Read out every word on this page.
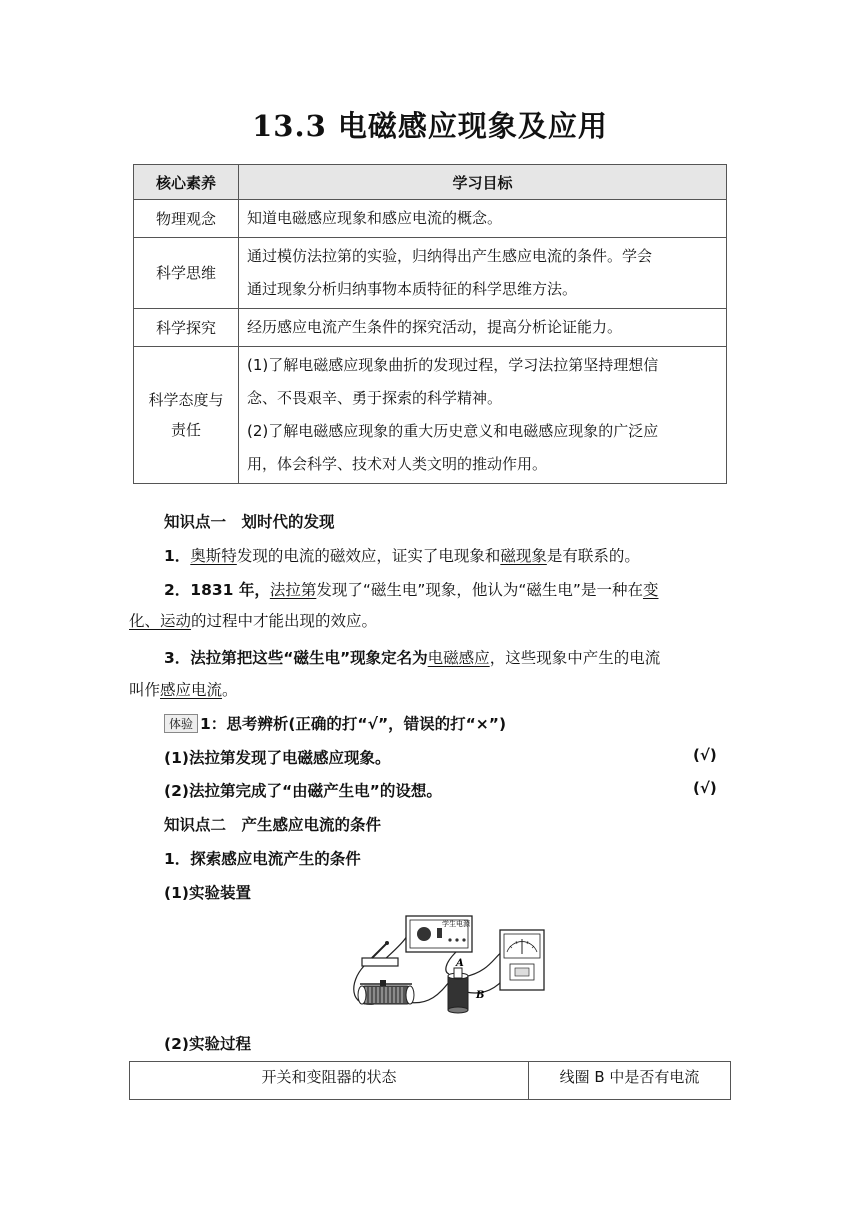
13.3 电磁感应现象及应用
核心素养	学习目标
物理观念	知道电磁感应现象和感应电流的概念。
科学思维	通过模仿法拉第的实验，归纳得出产生感应电流的条件。学会
通过现象分析归纳事物本质特征的科学思维方法。
科学探究	经历感应电流产生条件的探究活动，提高分析论证能力。
科学态度与
责任	(1)了解电磁感应现象曲折的发现过程，学习法拉第坚持理想信
念、不畏艰辛、勇于探索的科学精神。
(2)了解电磁感应现象的重大历史意义和电磁感应现象的广泛应
用，体会科学、技术对人类文明的推动作用。
知识点一　划时代的发现
1．奥斯特发现的电流的磁效应，证实了电现象和磁现象是有联系的。
2．1831 年，法拉第发现了“磁生电”现象，他认为“磁生电”是一种在变
化、运动的过程中才能出现的效应。
3．法拉第把这些“磁生电”现象定名为电磁感应，这些现象中产生的电流
叫作感应电流。
体验 1：思考辨析(正确的打“√”，错误的打“×”)
(1)法拉第发现了电磁感应现象。	(√)
(2)法拉第完成了“由磁产生电”的设想。	(√)
知识点二　产生感应电流的条件
1．探索感应电流产生的条件
(1)实验装置
学生电源
A
B
(2)实验过程
开关和变阻器的状态	线圈 B 中是否有电流
